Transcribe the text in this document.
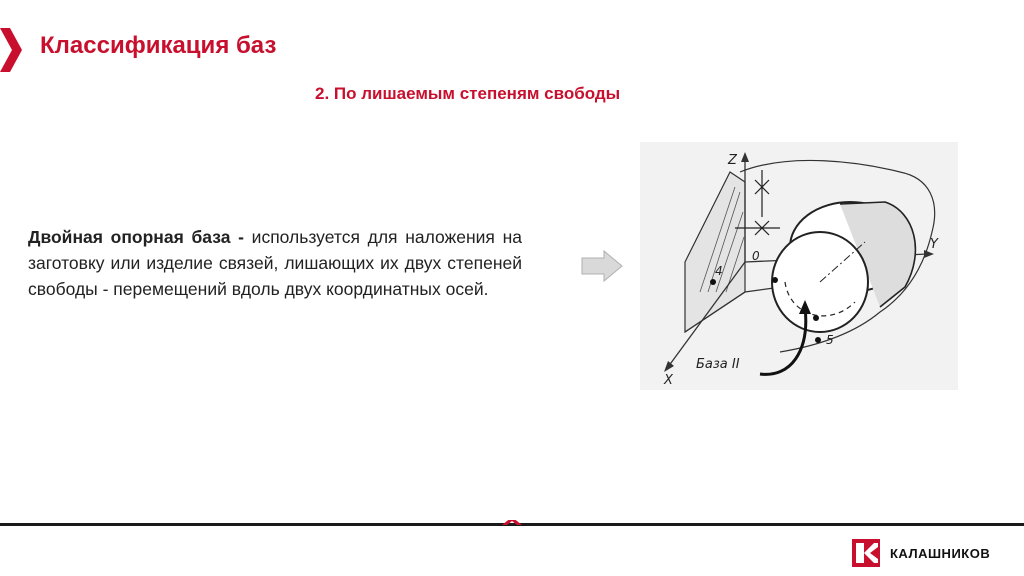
Классификация баз
2. По лишаемым степеням свободы

Двойная опорная база - используется для наложения на заготовку или изделие связей, лишающих их двух степеней свободы - перемещений вдоль двух координатных осей.

Z
Y
X
0
4
5
База II
КАЛАШНИКОВ
